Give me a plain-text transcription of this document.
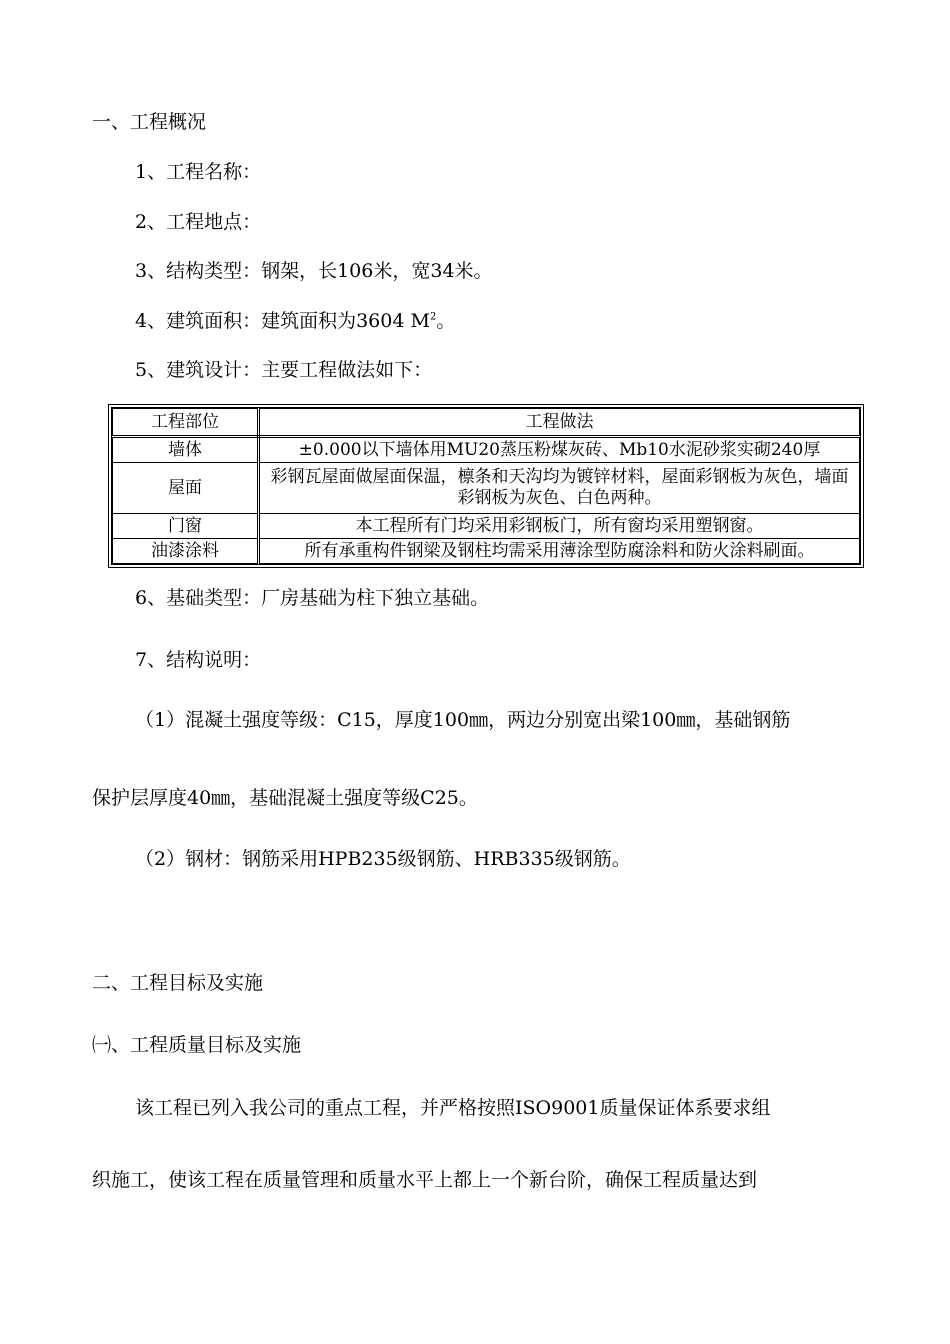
一、工程概况
1、工程名称：
2、工程地点：
3、结构类型：钢架，长106米，宽34米。
4、建筑面积：建筑面积为3604 $M^2$。
5、建筑设计：主要工程做法如下：
工程部位	工程做法
墙体	±0.000以下墙体用MU20蒸压粉煤灰砖、Mb10水泥砂浆实砌240厚
屋面	彩钢瓦屋面做屋面保温，檩条和天沟均为镀锌材料，屋面彩钢板为灰色，墙面彩钢板为灰色、白色两种。
门窗	本工程所有门均采用彩钢板门，所有窗均采用塑钢窗。
油漆涂料	所有承重构件钢梁及钢柱均需采用薄涂型防腐涂料和防火涂料刷面。
6、基础类型：厂房基础为柱下独立基础。
7、结构说明：
（1）混凝土强度等级：C15，厚度100㎜，两边分别宽出梁100㎜，基础钢筋
保护层厚度40㎜，基础混凝土强度等级C25。
（2）钢材：钢筋采用HPB235级钢筋、HRB335级钢筋。
二、工程目标及实施
㈠、工程质量目标及实施
该工程已列入我公司的重点工程，并严格按照ISO9001质量保证体系要求组
织施工，使该工程在质量管理和质量水平上都上一个新台阶，确保工程质量达到
